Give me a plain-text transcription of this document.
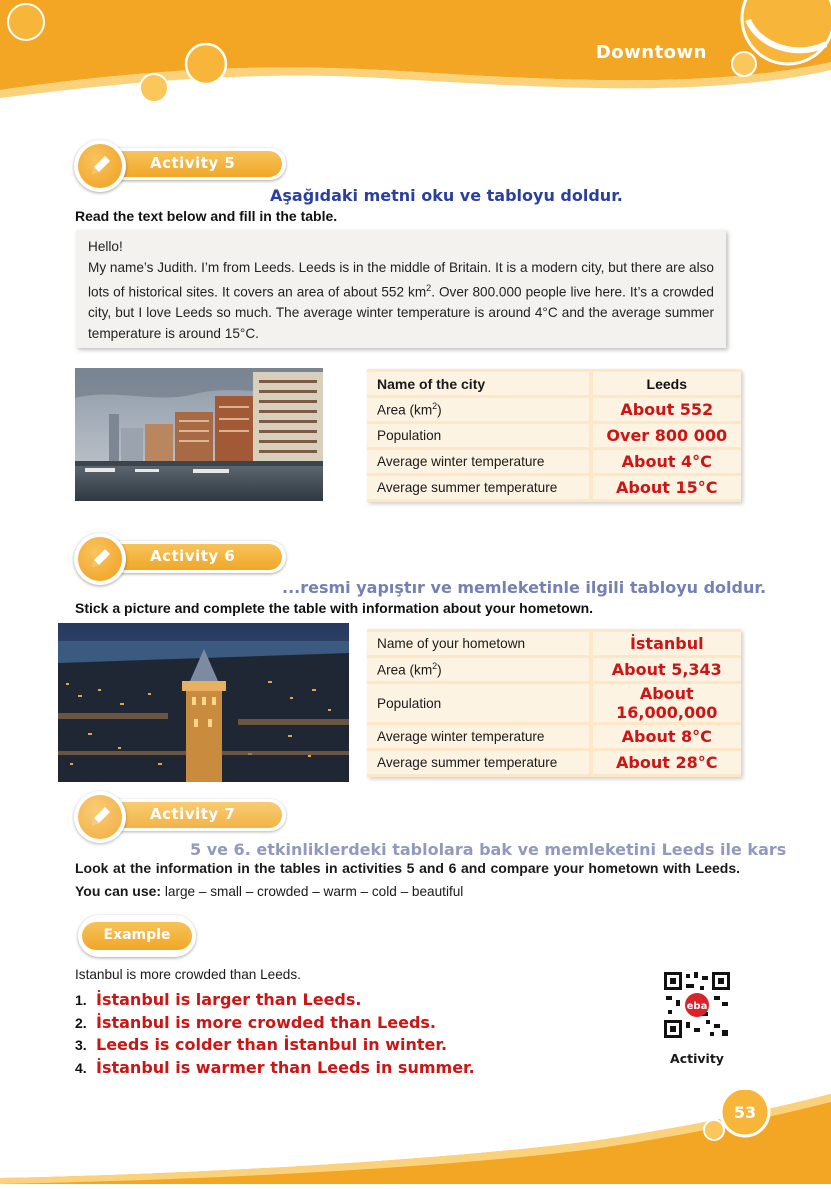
Downtown
Activity 5
Aşağıdaki metni oku ve tabloyu doldur.
Read the text below and fill in the table.

Hello!

My name’s Judith. I’m from Leeds. Leeds is in the middle of Britain. It is a modern city, but there are also lots of historical sites. It covers an area of about 552 $km^2$. Over 800.000 people live here. It’s a crowded city, but I love Leeds so much. The average winter temperature is around 4°C and the average summer temperature is around 15°C.

Name of the city	Leeds
Area $(km^2)$	About 552
Population	Over 800 000
Average winter temperature	About 4°C
Average summer temperature	About 15°C
Activity 6
...resmi yapıştır ve memleketinle ilgili tabloyu doldur.
Stick a picture and complete the table with information about your hometown.
Name of your hometown	İstanbul
Area $(km^2)$	About 5,343
Population	About 16,000,000
Average winter temperature	About 8°C
Average summer temperature	About 28°C
Activity 7
5 ve 6. etkinliklerdeki tablolara bak ve memleketini Leeds ile kars
Look at the information in the tables in activities 5 and 6 and compare your hometown with Leeds. You can use: large – small – crowded – warm – cold – beautiful
Example
Istanbul is more crowded than Leeds.
1. İstanbul is larger than Leeds.
2. İstanbul is more crowded than Leeds.
3. Leeds is colder than İstanbul in winter.
4. İstanbul is warmer than Leeds in summer.
eba
Activity
53
